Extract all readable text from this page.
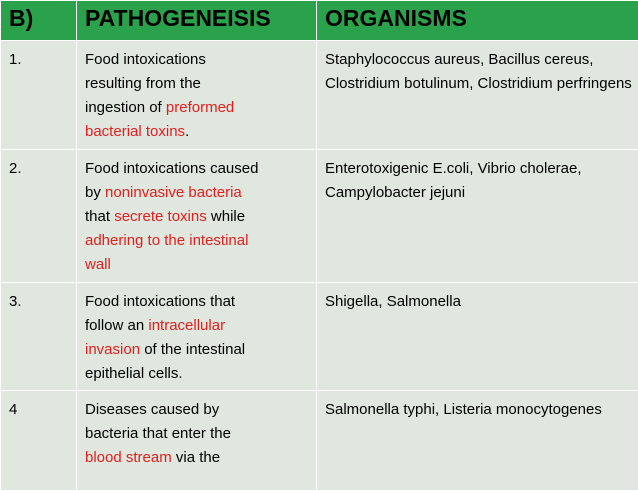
B)	PATHOGENEISIS	ORGANISMS
1.	Food intoxications
resulting from the
ingestion of preformed
bacterial toxins.	Staphylococcus aureus, Bacillus cereus, Clostridium botulinum, Clostridium perfringens
2.	Food intoxications caused
by noninvasive bacteria
that secrete toxins while
adhering to the intestinal
wall	Enterotoxigenic E.coli, Vibrio cholerae, Campylobacter jejuni
3.	Food intoxications that
follow an intracellular
invasion of the intestinal
epithelial cells.	Shigella, Salmonella
4	Diseases caused by
bacteria that enter the
blood stream via the	Salmonella typhi, Listeria monocytogenes
